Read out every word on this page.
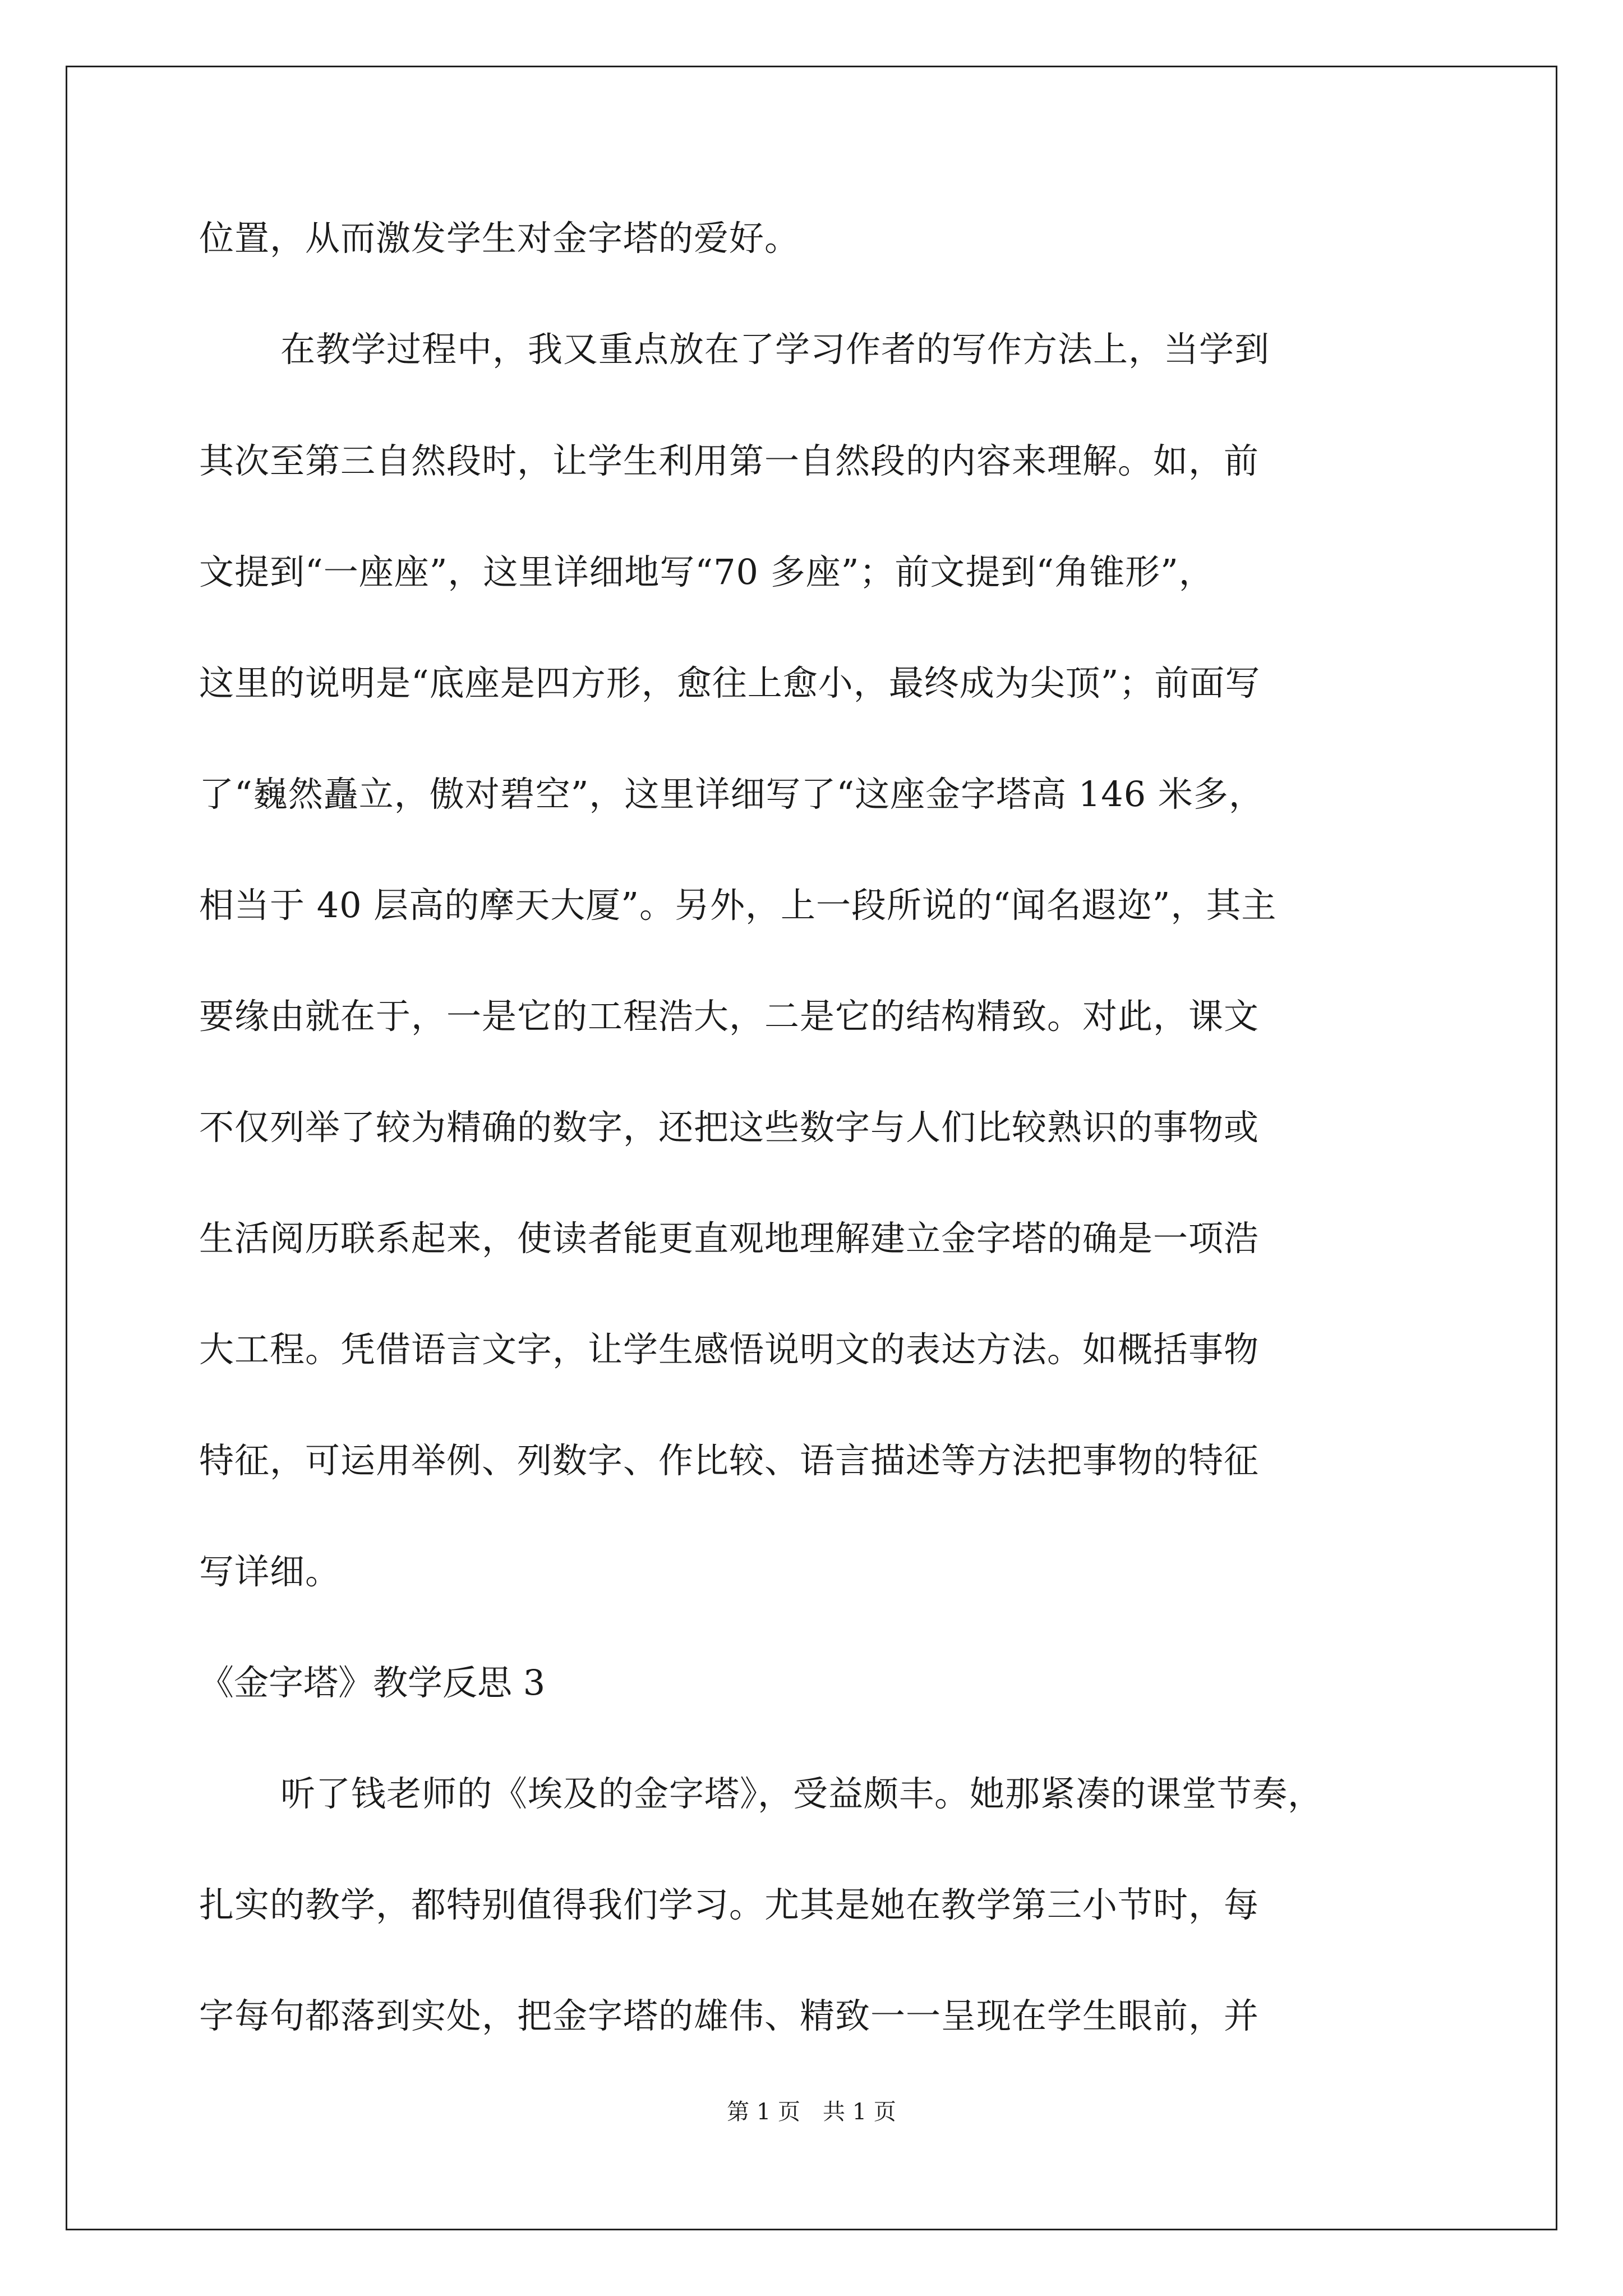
位置，从而激发学生对金字塔的爱好。
在教学过程中，我又重点放在了学习作者的写作方法上，当学到
其次至第三自然段时，让学生利用第一自然段的内容来理解。如，前
文提到“一座座”，这里详细地写“70 多座”；前文提到“角锥形”，
这里的说明是“底座是四方形，愈往上愈小，最终成为尖顶”；前面写
了“巍然矗立，傲对碧空”，这里详细写了“这座金字塔高 146 米多，
相当于 40 层高的摩天大厦”。另外，上一段所说的“闻名遐迩”，其主
要缘由就在于，一是它的工程浩大，二是它的结构精致。对此，课文
不仅列举了较为精确的数字，还把这些数字与人们比较熟识的事物或
生活阅历联系起来，使读者能更直观地理解建立金字塔的确是一项浩
大工程。凭借语言文字，让学生感悟说明文的表达方法。如概括事物
特征，可运用举例、列数字、作比较、语言描述等方法把事物的特征
写详细。
《金字塔》教学反思 3
听了钱老师的《埃及的金字塔》，受益颇丰。她那紧凑的课堂节奏，
扎实的教学，都特别值得我们学习。尤其是她在教学第三小节时，每
字每句都落到实处，把金字塔的雄伟、精致一一呈现在学生眼前，并
第 1 页　共 1 页
